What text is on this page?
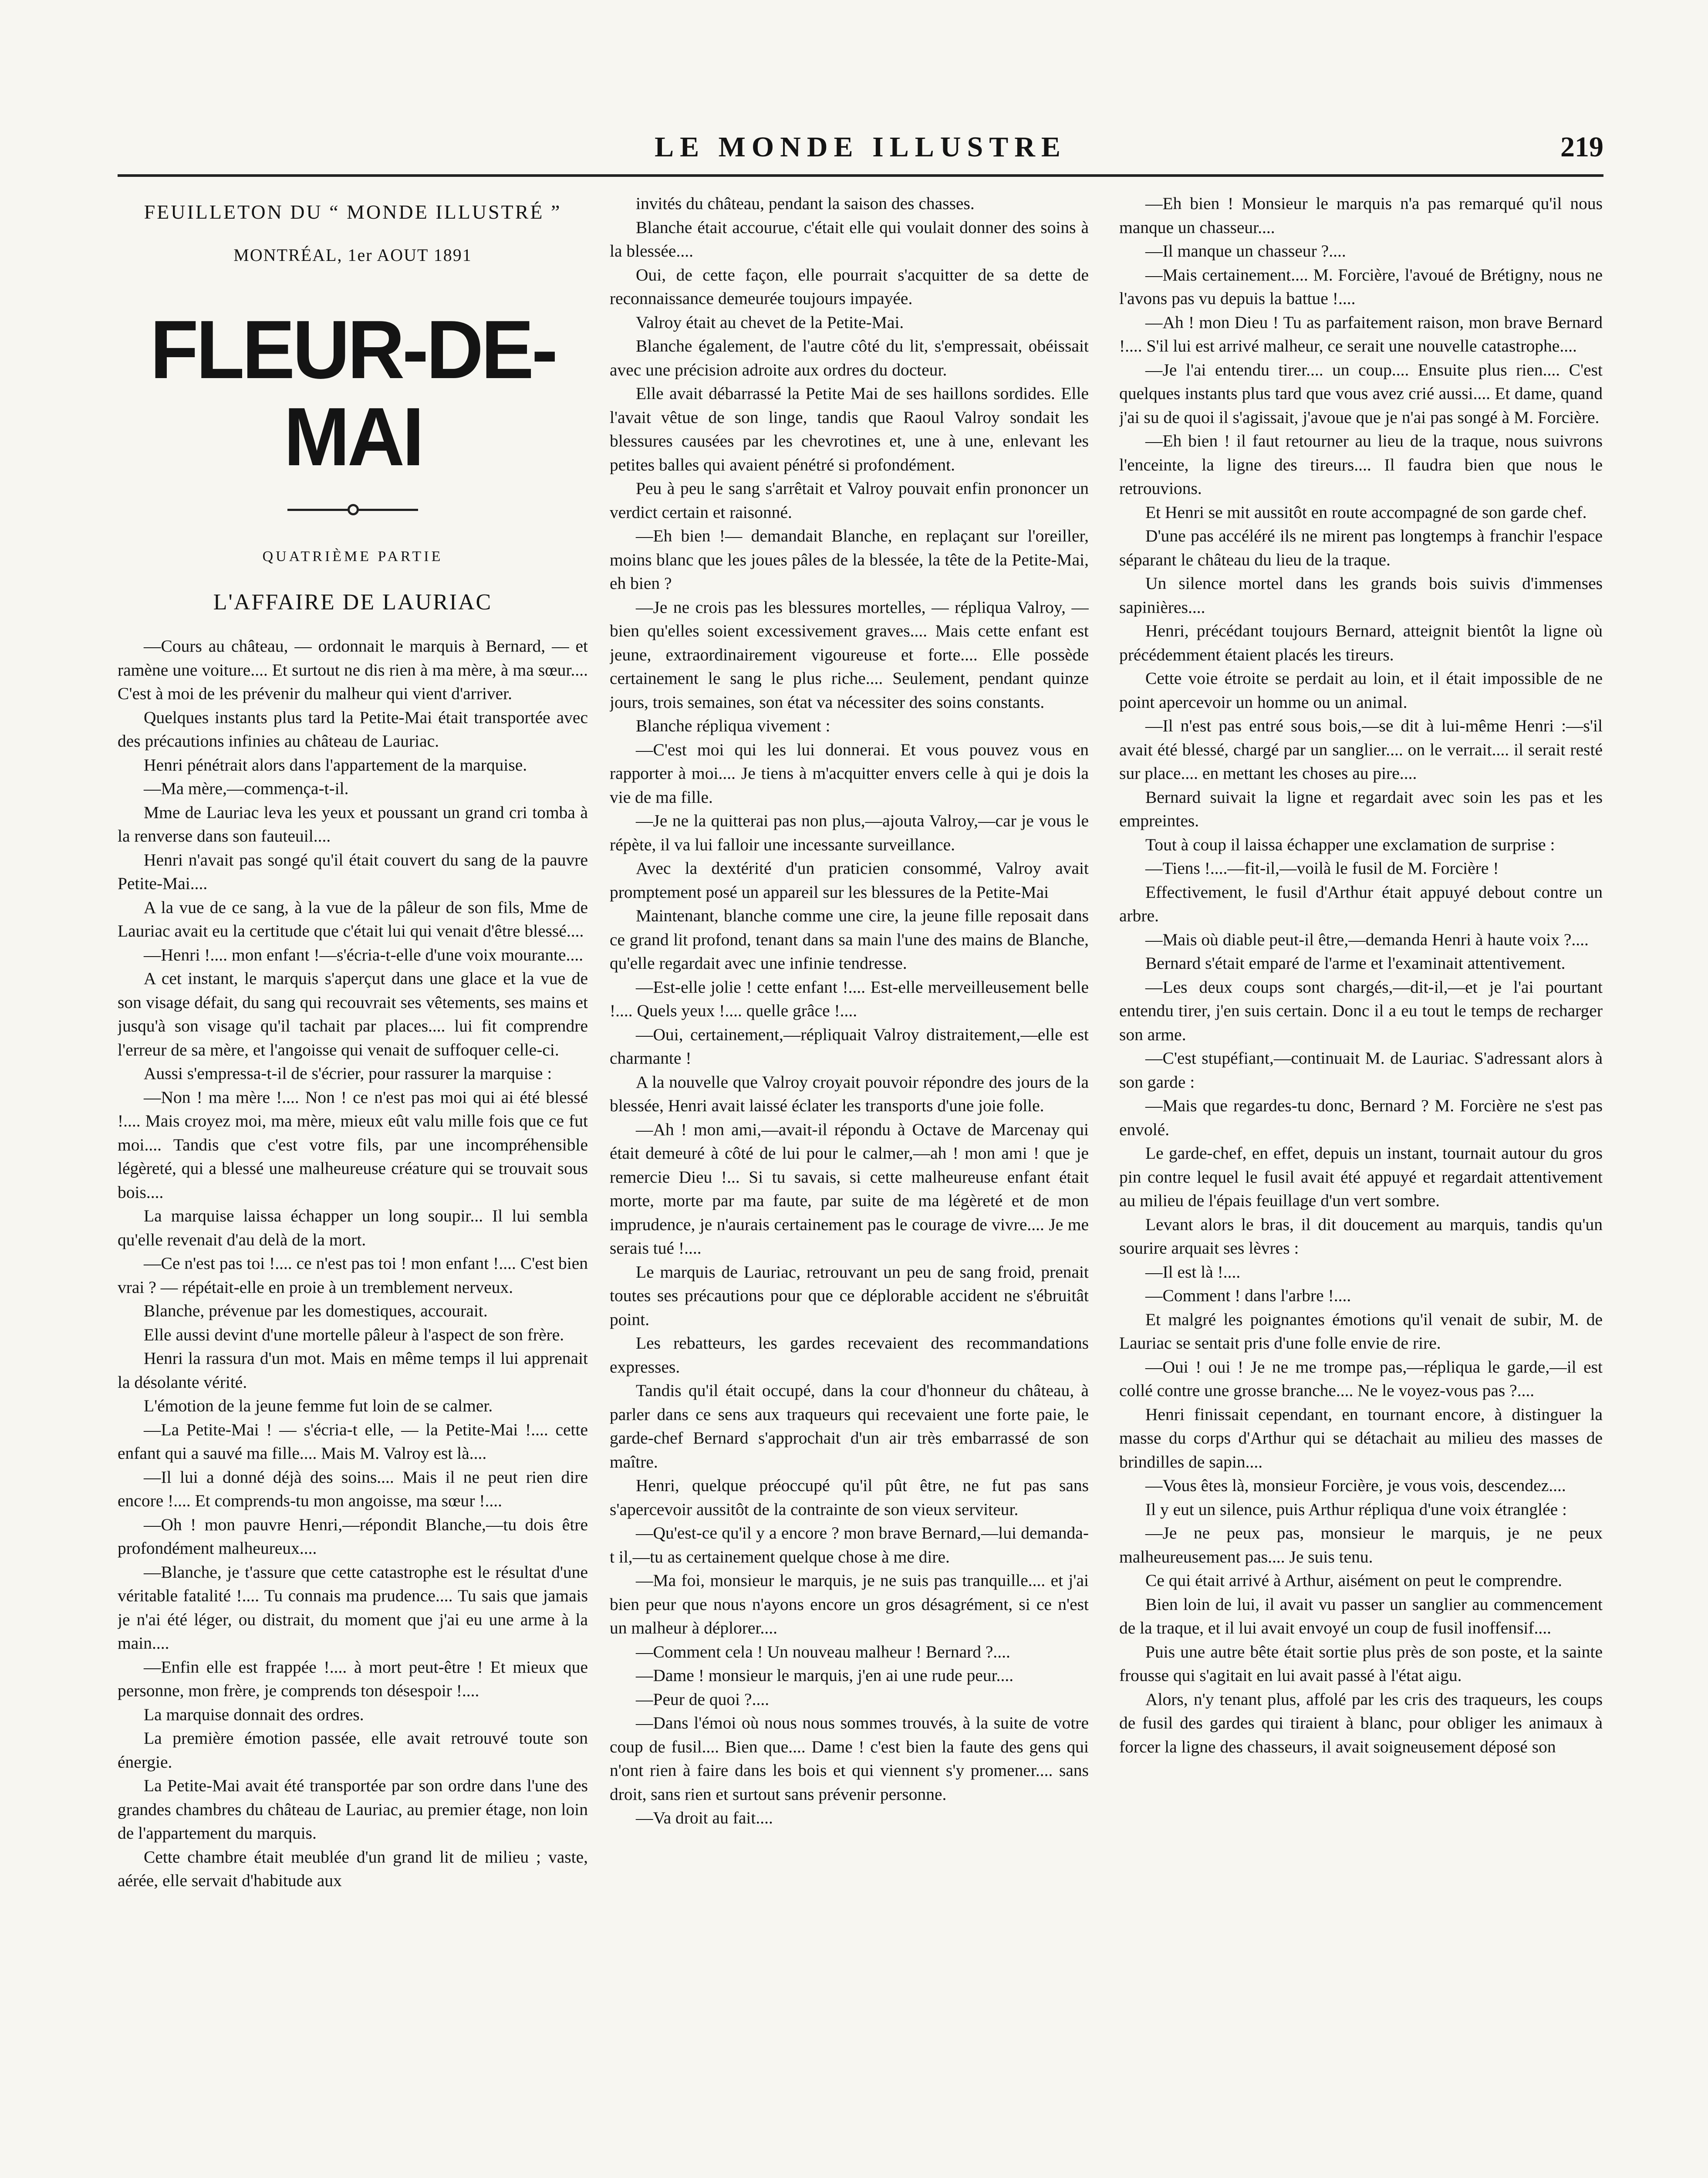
LE MONDE ILLUSTRE	219
FEUILLETON DU “ MONDE ILLUSTRÉ ”
MONTRÉAL, 1er AOUT 1891
FLEUR-DE-MAI
QUATRIÈME PARTIE
L'AFFAIRE DE LAURIAC

—Cours au château, — ordonnait le marquis à Bernard, — et ramène une voiture.... Et surtout ne dis rien à ma mère, à ma sœur.... C'est à moi de les prévenir du malheur qui vient d'arriver.

Quelques instants plus tard la Petite-Mai était transportée avec des précautions infinies au château de Lauriac.

Henri pénétrait alors dans l'appartement de la marquise.

—Ma mère,—commença-t-il.

Mme de Lauriac leva les yeux et poussant un grand cri tomba à la renverse dans son fauteuil....

Henri n'avait pas songé qu'il était couvert du sang de la pauvre Petite-Mai....

A la vue de ce sang, à la vue de la pâleur de son fils, Mme de Lauriac avait eu la certitude que c'était lui qui venait d'être blessé....

—Henri !.... mon enfant !—s'écria-t-elle d'une voix mourante....

A cet instant, le marquis s'aperçut dans une glace et la vue de son visage défait, du sang qui recouvrait ses vêtements, ses mains et jusqu'à son visage qu'il tachait par places.... lui fit comprendre l'erreur de sa mère, et l'angoisse qui venait de suffoquer celle-ci.

Aussi s'empressa-t-il de s'écrier, pour rassurer la marquise :

—Non ! ma mère !.... Non ! ce n'est pas moi qui ai été blessé !.... Mais croyez moi, ma mère, mieux eût valu mille fois que ce fut moi.... Tandis que c'est votre fils, par une incompréhensible légèreté, qui a blessé une malheureuse créature qui se trouvait sous bois....

La marquise laissa échapper un long soupir... Il lui sembla qu'elle revenait d'au delà de la mort.

—Ce n'est pas toi !.... ce n'est pas toi ! mon enfant !.... C'est bien vrai ? — répétait-elle en proie à un tremblement nerveux.

Blanche, prévenue par les domestiques, accourait.

Elle aussi devint d'une mortelle pâleur à l'aspect de son frère.

Henri la rassura d'un mot. Mais en même temps il lui apprenait la désolante vérité.

L'émotion de la jeune femme fut loin de se calmer.

—La Petite-Mai ! — s'écria-t elle, — la Petite-Mai !.... cette enfant qui a sauvé ma fille.... Mais M. Valroy est là....

—Il lui a donné déjà des soins.... Mais il ne peut rien dire encore !.... Et comprends-tu mon angoisse, ma sœur !....

—Oh ! mon pauvre Henri,—répondit Blanche,—tu dois être profondément malheureux....

—Blanche, je t'assure que cette catastrophe est le résultat d'une véritable fatalité !.... Tu connais ma prudence.... Tu sais que jamais je n'ai été léger, ou distrait, du moment que j'ai eu une arme à la main....

—Enfin elle est frappée !.... à mort peut-être ! Et mieux que personne, mon frère, je comprends ton désespoir !....

La marquise donnait des ordres.

La première émotion passée, elle avait retrouvé toute son énergie.

La Petite-Mai avait été transportée par son ordre dans l'une des grandes chambres du château de Lauriac, au premier étage, non loin de l'appartement du marquis.

Cette chambre était meublée d'un grand lit de milieu ; vaste, aérée, elle servait d'habitude aux

invités du château, pendant la saison des chasses.

Blanche était accourue, c'était elle qui voulait donner des soins à la blessée....

Oui, de cette façon, elle pourrait s'acquitter de sa dette de reconnaissance demeurée toujours impayée.

Valroy était au chevet de la Petite-Mai.

Blanche également, de l'autre côté du lit, s'empressait, obéissait avec une précision adroite aux ordres du docteur.

Elle avait débarrassé la Petite Mai de ses haillons sordides. Elle l'avait vêtue de son linge, tandis que Raoul Valroy sondait les blessures causées par les chevrotines et, une à une, enlevant les petites balles qui avaient pénétré si profondément.

Peu à peu le sang s'arrêtait et Valroy pouvait enfin prononcer un verdict certain et raisonné.

—Eh bien !— demandait Blanche, en replaçant sur l'oreiller, moins blanc que les joues pâles de la blessée, la tête de la Petite-Mai, eh bien ?

—Je ne crois pas les blessures mortelles, — répliqua Valroy, — bien qu'elles soient excessivement graves.... Mais cette enfant est jeune, extraordinairement vigoureuse et forte.... Elle possède certainement le sang le plus riche.... Seulement, pendant quinze jours, trois semaines, son état va nécessiter des soins constants.

Blanche répliqua vivement :

—C'est moi qui les lui donnerai. Et vous pouvez vous en rapporter à moi.... Je tiens à m'acquitter envers celle à qui je dois la vie de ma fille.

—Je ne la quitterai pas non plus,—ajouta Valroy,—car je vous le répète, il va lui falloir une incessante surveillance.

Avec la dextérité d'un praticien consommé, Valroy avait promptement posé un appareil sur les blessures de la Petite-Mai

Maintenant, blanche comme une cire, la jeune fille reposait dans ce grand lit profond, tenant dans sa main l'une des mains de Blanche, qu'elle regardait avec une infinie tendresse.

—Est-elle jolie ! cette enfant !.... Est-elle merveilleusement belle !.... Quels yeux !.... quelle grâce !....

—Oui, certainement,—répliquait Valroy distraitement,—elle est charmante !

A la nouvelle que Valroy croyait pouvoir répondre des jours de la blessée, Henri avait laissé éclater les transports d'une joie folle.

—Ah ! mon ami,—avait-il répondu à Octave de Marcenay qui était demeuré à côté de lui pour le calmer,—ah ! mon ami ! que je remercie Dieu !... Si tu savais, si cette malheureuse enfant était morte, morte par ma faute, par suite de ma légèreté et de mon imprudence, je n'aurais certainement pas le courage de vivre.... Je me serais tué !....

Le marquis de Lauriac, retrouvant un peu de sang froid, prenait toutes ses précautions pour que ce déplorable accident ne s'ébruitât point.

Les rebatteurs, les gardes recevaient des recommandations expresses.

Tandis qu'il était occupé, dans la cour d'honneur du château, à parler dans ce sens aux traqueurs qui recevaient une forte paie, le garde-chef Bernard s'approchait d'un air très embarrassé de son maître.

Henri, quelque préoccupé qu'il pût être, ne fut pas sans s'apercevoir aussitôt de la contrainte de son vieux serviteur.

—Qu'est-ce qu'il y a encore ? mon brave Bernard,—lui demanda-t il,—tu as certainement quelque chose à me dire.

—Ma foi, monsieur le marquis, je ne suis pas tranquille.... et j'ai bien peur que nous n'ayons encore un gros désagrément, si ce n'est un malheur à déplorer....

—Comment cela ! Un nouveau malheur ! Bernard ?....

—Dame ! monsieur le marquis, j'en ai une rude peur....

—Peur de quoi ?....

—Dans l'émoi où nous nous sommes trouvés, à la suite de votre coup de fusil.... Bien que.... Dame ! c'est bien la faute des gens qui n'ont rien à faire dans les bois et qui viennent s'y promener.... sans droit, sans rien et surtout sans prévenir personne.

—Va droit au fait....

—Eh bien ! Monsieur le marquis n'a pas remarqué qu'il nous manque un chasseur....

—Il manque un chasseur ?....

—Mais certainement.... M. Forcière, l'avoué de Brétigny, nous ne l'avons pas vu depuis la battue !....

—Ah ! mon Dieu ! Tu as parfaitement raison, mon brave Bernard !.... S'il lui est arrivé malheur, ce serait une nouvelle catastrophe....

—Je l'ai entendu tirer.... un coup.... Ensuite plus rien.... C'est quelques instants plus tard que vous avez crié aussi.... Et dame, quand j'ai su de quoi il s'agissait, j'avoue que je n'ai pas songé à M. Forcière.

—Eh bien ! il faut retourner au lieu de la traque, nous suivrons l'enceinte, la ligne des tireurs.... Il faudra bien que nous le retrouvions.

Et Henri se mit aussitôt en route accompagné de son garde chef.

D'une pas accéléré ils ne mirent pas longtemps à franchir l'espace séparant le château du lieu de la traque.

Un silence mortel dans les grands bois suivis d'immenses sapinières....

Henri, précédant toujours Bernard, atteignit bientôt la ligne où précédemment étaient placés les tireurs.

Cette voie étroite se perdait au loin, et il était impossible de ne point apercevoir un homme ou un animal.

—Il n'est pas entré sous bois,—se dit à lui-même Henri :—s'il avait été blessé, chargé par un sanglier.... on le verrait.... il serait resté sur place.... en mettant les choses au pire....

Bernard suivait la ligne et regardait avec soin les pas et les empreintes.

Tout à coup il laissa échapper une exclamation de surprise :

—Tiens !....—fit-il,—voilà le fusil de M. Forcière !

Effectivement, le fusil d'Arthur était appuyé debout contre un arbre.

—Mais où diable peut-il être,—demanda Henri à haute voix ?....

Bernard s'était emparé de l'arme et l'examinait attentivement.

—Les deux coups sont chargés,—dit-il,—et je l'ai pourtant entendu tirer, j'en suis certain. Donc il a eu tout le temps de recharger son arme.

—C'est stupéfiant,—continuait M. de Lauriac. S'adressant alors à son garde :

—Mais que regardes-tu donc, Bernard ? M. Forcière ne s'est pas envolé.

Le garde-chef, en effet, depuis un instant, tournait autour du gros pin contre lequel le fusil avait été appuyé et regardait attentivement au milieu de l'épais feuillage d'un vert sombre.

Levant alors le bras, il dit doucement au marquis, tandis qu'un sourire arquait ses lèvres :

—Il est là !....

—Comment ! dans l'arbre !....

Et malgré les poignantes émotions qu'il venait de subir, M. de Lauriac se sentait pris d'une folle envie de rire.

—Oui ! oui ! Je ne me trompe pas,—répliqua le garde,—il est collé contre une grosse branche.... Ne le voyez-vous pas ?....

Henri finissait cependant, en tournant encore, à distinguer la masse du corps d'Arthur qui se détachait au milieu des masses de brindilles de sapin....

—Vous êtes là, monsieur Forcière, je vous vois, descendez....

Il y eut un silence, puis Arthur répliqua d'une voix étranglée :

—Je ne peux pas, monsieur le marquis, je ne peux malheureusement pas.... Je suis tenu.

Ce qui était arrivé à Arthur, aisément on peut le comprendre.

Bien loin de lui, il avait vu passer un sanglier au commencement de la traque, et il lui avait envoyé un coup de fusil inoffensif....

Puis une autre bête était sortie plus près de son poste, et la sainte frousse qui s'agitait en lui avait passé à l'état aigu.

Alors, n'y tenant plus, affolé par les cris des traqueurs, les coups de fusil des gardes qui tiraient à blanc, pour obliger les animaux à forcer la ligne des chasseurs, il avait soigneusement déposé son
